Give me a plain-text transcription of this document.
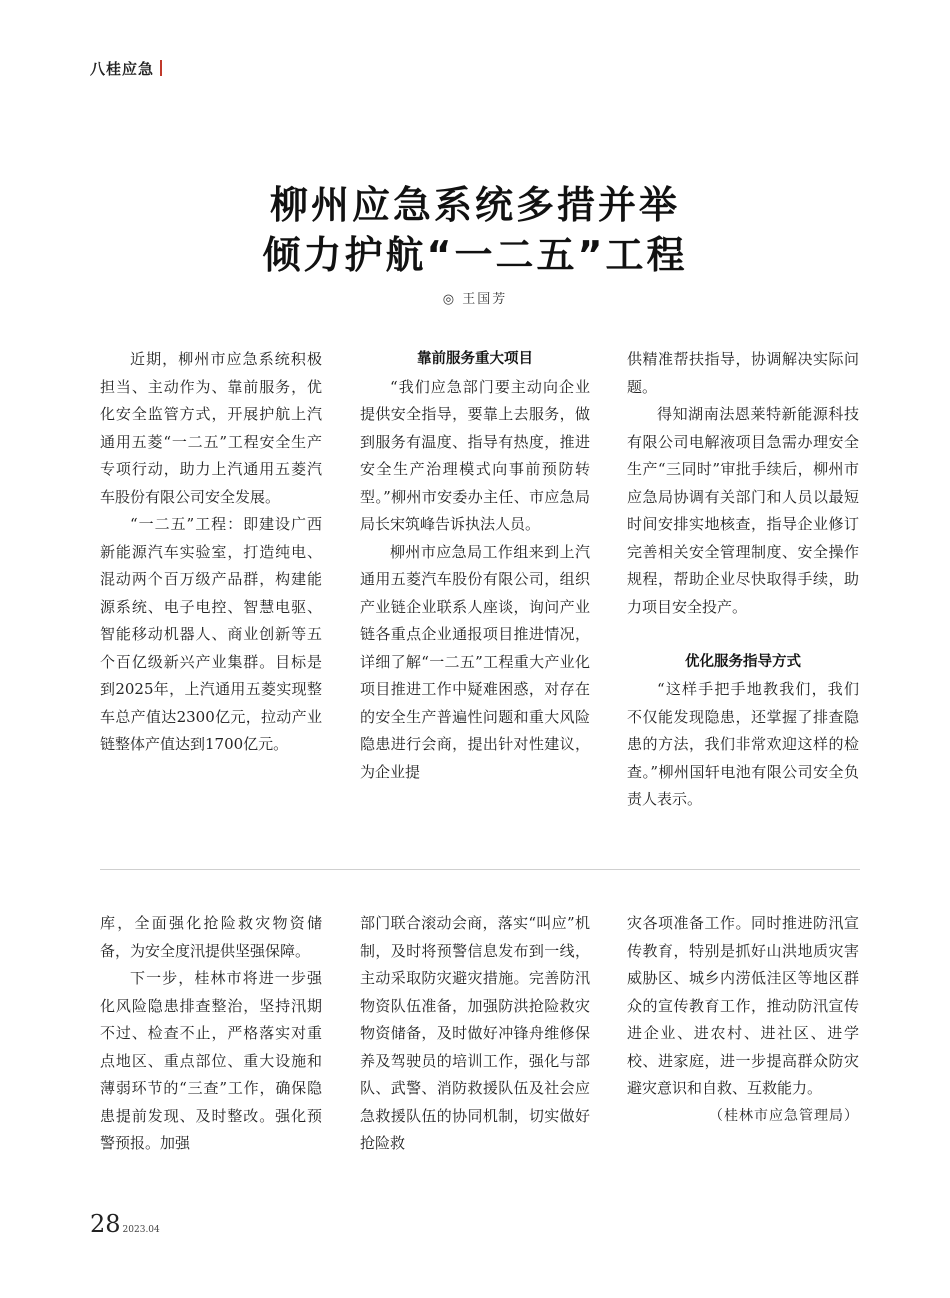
八桂应急
柳州应急系统多措并举
倾力护航“一二五”工程
◎ 王国芳

近期，柳州市应急系统积极担当、主动作为、靠前服务，优化安全监管方式，开展护航上汽通用五菱“一二五”工程安全生产专项行动，助力上汽通用五菱汽车股份有限公司安全发展。

“一二五”工程：即建设广西新能源汽车实验室，打造纯电、混动两个百万级产品群，构建能源系统、电子电控、智慧电驱、智能移动机器人、商业创新等五个百亿级新兴产业集群。目标是到2025年，上汽通用五菱实现整车总产值达2300亿元，拉动产业链整体产值达到1700亿元。

靠前服务重大项目

“我们应急部门要主动向企业提供安全指导，要靠上去服务，做到服务有温度、指导有热度，推进安全生产治理模式向事前预防转型。”柳州市安委办主任、市应急局局长宋筑峰告诉执法人员。

柳州市应急局工作组来到上汽通用五菱汽车股份有限公司，组织产业链企业联系人座谈，询问产业链各重点企业通报项目推进情况，详细了解“一二五”工程重大产业化项目推进工作中疑难困惑，对存在的安全生产普遍性问题和重大风险隐患进行会商，提出针对性建议，为企业提

供精准帮扶指导，协调解决实际问题。

得知湖南法恩莱特新能源科技有限公司电解液项目急需办理安全生产“三同时”审批手续后，柳州市应急局协调有关部门和人员以最短时间安排实地核查，指导企业修订完善相关安全管理制度、安全操作规程，帮助企业尽快取得手续，助力项目安全投产。

优化服务指导方式

“这样手把手地教我们，我们不仅能发现隐患，还掌握了排查隐患的方法，我们非常欢迎这样的检查。”柳州国轩电池有限公司安全负责人表示。

库，全面强化抢险救灾物资储备，为安全度汛提供坚强保障。

下一步，桂林市将进一步强化风险隐患排查整治，坚持汛期不过、检查不止，严格落实对重点地区、重点部位、重大设施和薄弱环节的“三查”工作，确保隐患提前发现、及时整改。强化预警预报。加强

部门联合滚动会商，落实“叫应”机制，及时将预警信息发布到一线，主动采取防灾避灾措施。完善防汛物资队伍准备，加强防洪抢险救灾物资储备，及时做好冲锋舟维修保养及驾驶员的培训工作，强化与部队、武警、消防救援队伍及社会应急救援队伍的协同机制，切实做好抢险救

灾各项准备工作。同时推进防汛宣传教育，特别是抓好山洪地质灾害威胁区、城乡内涝低洼区等地区群众的宣传教育工作，推动防汛宣传进企业、进农村、进社区、进学校、进家庭，进一步提高群众防灾避灾意识和自救、互救能力。

（桂林市应急管理局）

28 2023.04
